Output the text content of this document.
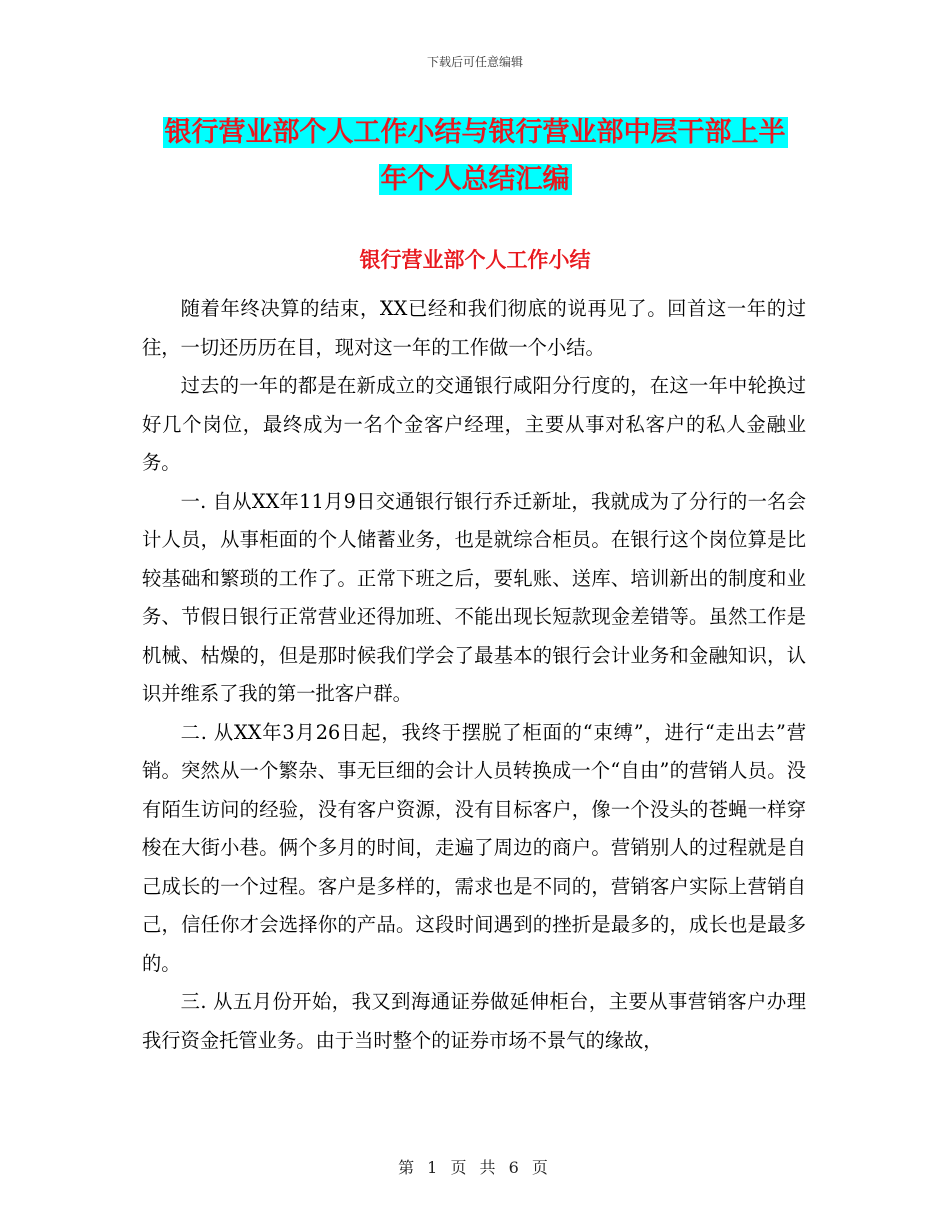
下载后可任意编辑
银行营业部个人工作小结与银行营业部中层干部上半
年个人总结汇编
银行营业部个人工作小结

随着年终决算的结束，XX已经和我们彻底的说再见了。回首这一年的过往，一切还历历在目，现对这一年的工作做一个小结。

过去的一年的都是在新成立的交通银行咸阳分行度的，在这一年中轮换过好几个岗位，最终成为一名个金客户经理，主要从事对私客户的私人金融业务。

一. 自从XX年11月9日交通银行银行乔迁新址，我就成为了分行的一名会计人员，从事柜面的个人储蓄业务，也是就综合柜员。在银行这个岗位算是比较基础和繁琐的工作了。正常下班之后，要轧账、送库、培训新出的制度和业务、节假日银行正常营业还得加班、不能出现长短款现金差错等。虽然工作是机械、枯燥的，但是那时候我们学会了最基本的银行会计业务和金融知识，认识并维系了我的第一批客户群。

二. 从XX年3月26日起，我终于摆脱了柜面的“束缚”，进行“走出去”营销。突然从一个繁杂、事无巨细的会计人员转换成一个“自由”的营销人员。没有陌生访问的经验，没有客户资源，没有目标客户，像一个没头的苍蝇一样穿梭在大街小巷。俩个多月的时间，走遍了周边的商户。营销别人的过程就是自己成长的一个过程。客户是多样的，需求也是不同的，营销客户实际上营销自己，信任你才会选择你的产品。这段时间遇到的挫折是最多的，成长也是最多的。

三. 从五月份开始，我又到海通证券做延伸柜台，主要从事营销客户办理我行资金托管业务。由于当时整个的证券市场不景气的缘故，

第 1 页 共 6 页
